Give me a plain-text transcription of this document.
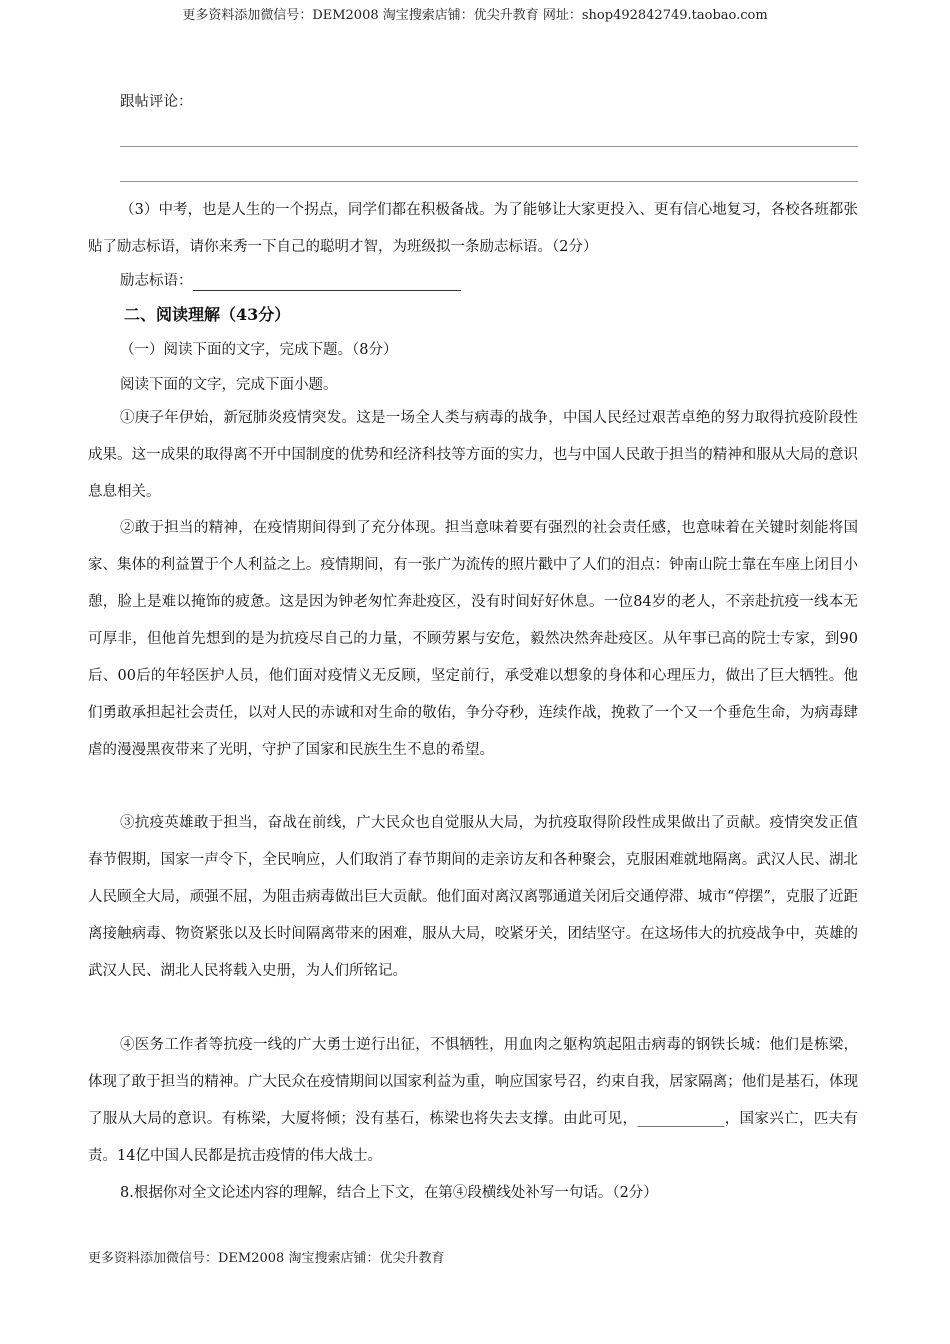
更多资料添加微信号：DEM2008 淘宝搜索店铺：优尖升教育 网址：shop492842749.taobao.com
跟帖评论：
（3）中考，也是人生的一个拐点，同学们都在积极备战。为了能够让大家更投入、更有信心地复习，各校各班都张贴了励志标语，请你来秀一下自己的聪明才智，为班级拟一条励志标语。（2分）
励志标语：
二、阅读理解（43分）
（一）阅读下面的文字，完成下题。（8分）
阅读下面的文字，完成下面小题。
①庚子年伊始，新冠肺炎疫情突发。这是一场全人类与病毒的战争，中国人民经过艰苦卓绝的努力取得抗疫阶段性成果。这一成果的取得离不开中国制度的优势和经济科技等方面的实力，也与中国人民敢于担当的精神和服从大局的意识息息相关。
②敢于担当的精神，在疫情期间得到了充分体现。担当意味着要有强烈的社会责任感，也意味着在关键时刻能将国家、集体的利益置于个人利益之上。疫情期间，有一张广为流传的照片戳中了人们的泪点：钟南山院士靠在车座上闭目小憩，脸上是难以掩饰的疲惫。这是因为钟老匆忙奔赴疫区，没有时间好好休息。一位84岁的老人，不亲赴抗疫一线本无可厚非，但他首先想到的是为抗疫尽自己的力量，不顾劳累与安危，毅然决然奔赴疫区。从年事已高的院士专家，到90后、00后的年轻医护人员，他们面对疫情义无反顾，坚定前行，承受难以想象的身体和心理压力，做出了巨大牺牲。他们勇敢承担起社会责任，以对人民的赤诚和对生命的敬佑，争分夺秒，连续作战，挽救了一个又一个垂危生命，为病毒肆虐的漫漫黑夜带来了光明，守护了国家和民族生生不息的希望。
③抗疫英雄敢于担当，奋战在前线，广大民众也自觉服从大局，为抗疫取得阶段性成果做出了贡献。疫情突发正值春节假期，国家一声令下，全民响应，人们取消了春节期间的走亲访友和各种聚会，克服困难就地隔离。武汉人民、湖北人民顾全大局，顽强不屈，为阻击病毒做出巨大贡献。他们面对离汉离鄂通道关闭后交通停滞、城市“停摆”，克服了近距离接触病毒、物资紧张以及长时间隔离带来的困难，服从大局，咬紧牙关，团结坚守。在这场伟大的抗疫战争中，英雄的武汉人民、湖北人民将载入史册，为人们所铭记。
④医务工作者等抗疫一线的广大勇士逆行出征，不惧牺牲，用血肉之躯构筑起阻击病毒的钢铁长城：他们是栋梁，体现了敢于担当的精神。广大民众在疫情期间以国家利益为重，响应国家号召，约束自我，居家隔离；他们是基石，体现了服从大局的意识。有栋梁，大厦将倾；没有基石，栋梁也将失去支撑。由此可见，____________，国家兴亡，匹夫有责。14亿中国人民都是抗击疫情的伟大战士。
8.根据你对全文论述内容的理解，结合上下文，在第④段横线处补写一句话。（2分）
更多资料添加微信号：DEM2008 淘宝搜索店铺：优尖升教育
